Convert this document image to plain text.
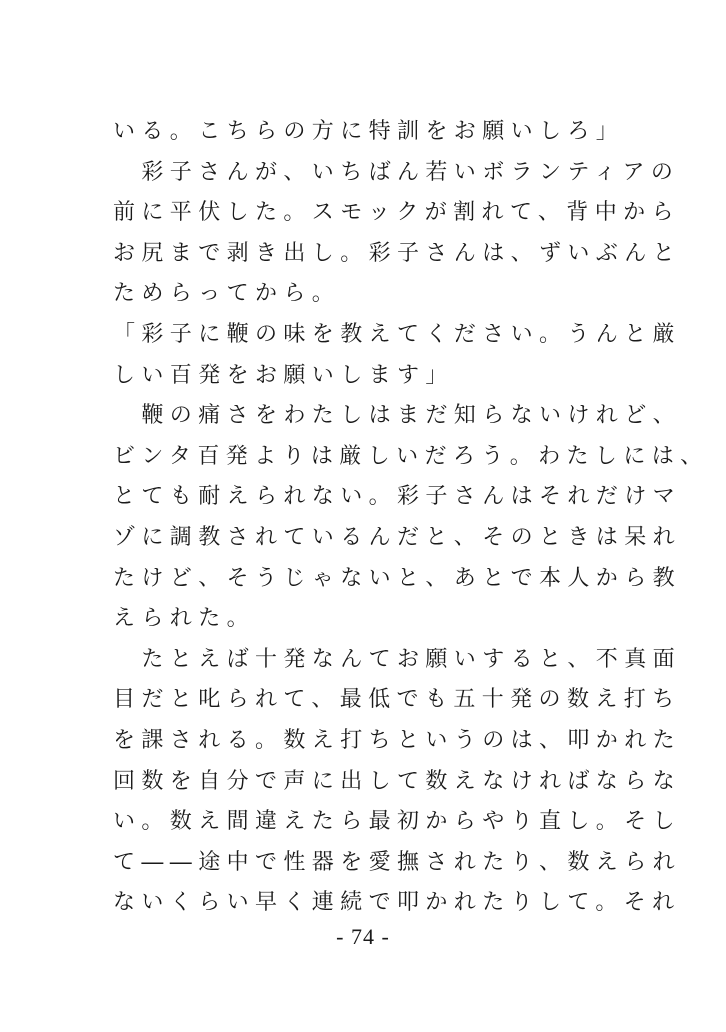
いる。こちらの方に特訓をお願いしろ」
　彩子さんが、いちばん若いボランティアの
前に平伏した。スモックが割れて、背中から
お尻まで剥き出し。彩子さんは、ずいぶんと
ためらってから。
「彩子に鞭の味を教えてください。うんと厳
しい百発をお願いします」
　鞭の痛さをわたしはまだ知らないけれど、
ビンタ百発よりは厳しいだろう。わたしには、
とても耐えられない。彩子さんはそれだけマ
ゾに調教されているんだと、そのときは呆れ
たけど、そうじゃないと、あとで本人から教
えられた。
　たとえば十発なんてお願いすると、不真面
目だと叱られて、最低でも五十発の数え打ち
を課される。数え打ちというのは、叩かれた
回数を自分で声に出して数えなければならな
い。数え間違えたら最初からやり直し。そし
て――途中で性器を愛撫されたり、数えられ
ないくらい早く連続で叩かれたりして。それ
- 74 -
